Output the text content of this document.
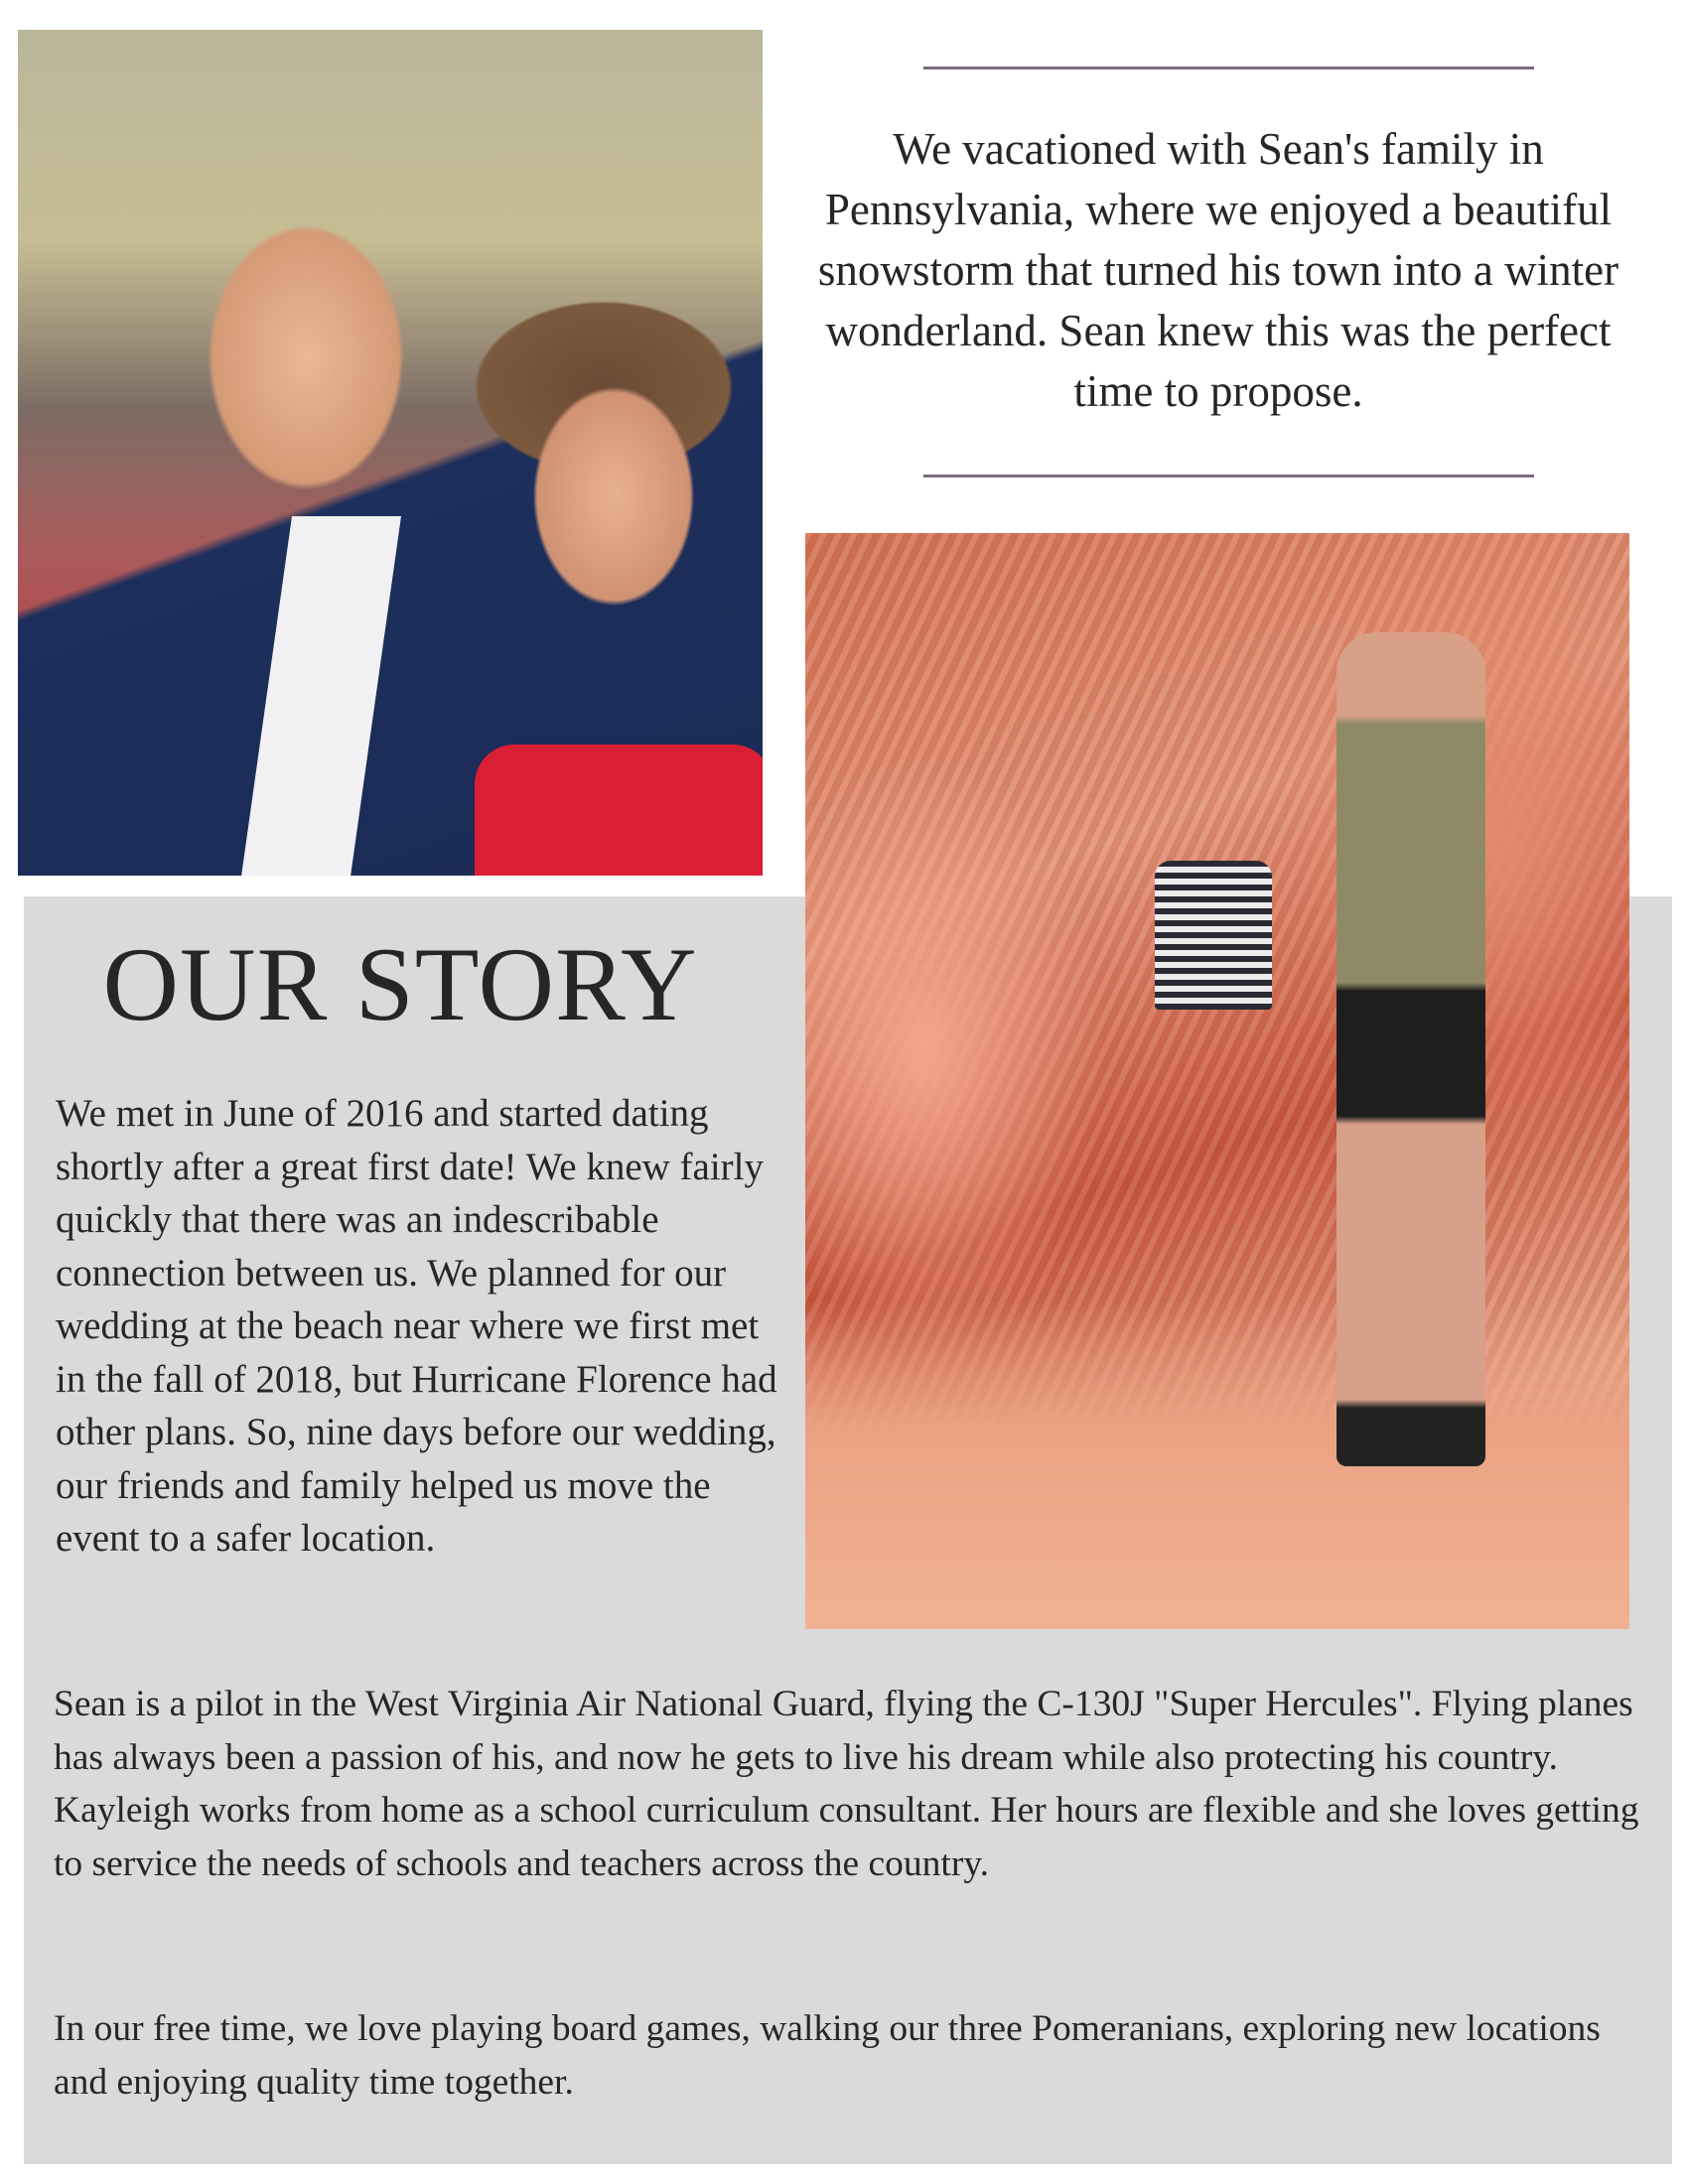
We vacationed with Sean's family in Pennsylvania, where we enjoyed a beautiful snowstorm that turned his town into a winter wonderland. Sean knew this was the perfect time to propose.

OUR STORY

We met in June of 2016 and started dating shortly after a great first date! We knew fairly quickly that there was an indescribable connection between us. We planned for our wedding at the beach near where we first met in the fall of 2018, but Hurricane Florence had other plans. So, nine days before our wedding, our friends and family helped us move the event to a safer location.

Sean is a pilot in the West Virginia Air National Guard, flying the C-130J "Super Hercules". Flying planes has always been a passion of his, and now he gets to live his dream while also protecting his country. Kayleigh works from home as a school curriculum consultant. Her hours are flexible and she loves getting to service the needs of schools and teachers across the country.

In our free time, we love playing board games, walking our three Pomeranians, exploring new locations and enjoying quality time together.
